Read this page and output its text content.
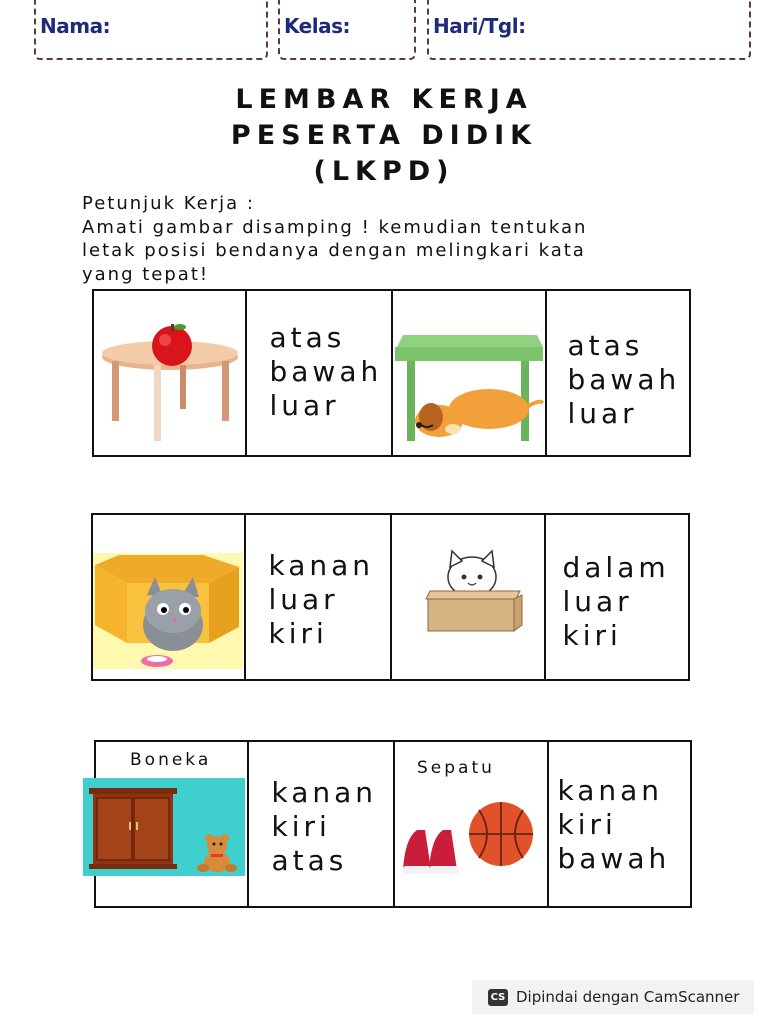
Nama:	Kelas:	Hari/Tgl:
LEMBAR KERJA
PESERTA DIDIK
(LKPD)
Petunjuk Kerja :
Amati gambar disamping ! kemudian tentukan
letak posisi bendanya dengan melingkari kata
yang tepat!
atas
bawah
luar
atas
bawah
luar
kanan
luar
kiri
dalam
luar
kiri
Boneka
kanan
kiri
atas
Sepatu
kanan
kiri
bawah
CS Dipindai dengan CamScanner
